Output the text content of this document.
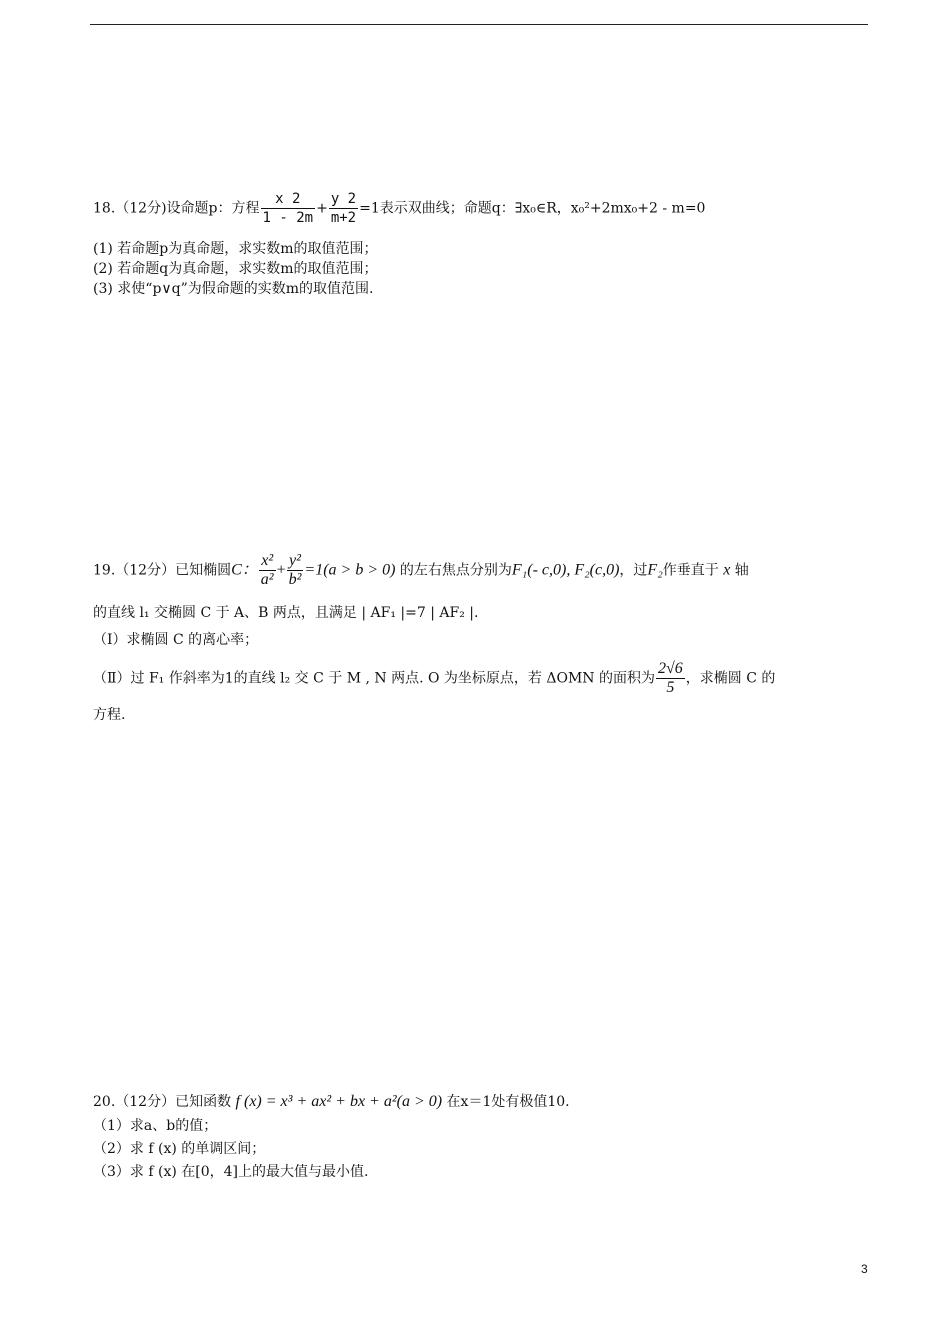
18.（12分)设命题p：方程 $\frac{x 2}{1 - 2m} + \frac{y 2}{m+2} =1$表示双曲线；命题q：∃x₀∈R，x₀²+2mx₀+2 - m=0
(1) 若命题p为真命题，求实数m的取值范围；
(2) 若命题q为真命题，求实数m的取值范围；
(3) 求使“p∨q”为假命题的实数m的取值范围.
19.（12分）已知椭圆C： $\frac{\text{x²}}{\text{a²}} + \frac{\text{y²}}{\text{b²}} =1(a > b > 0)$ 的左右焦点分别为F₁(- c,0), F₂(c,0)，过F₂作垂直于 x 轴
的直线 l₁ 交椭圆 C 于 A、B 两点，且满足 | AF₁ |=7 | AF₂ |.
（Ⅰ）求椭圆 C 的离心率；
（Ⅱ）过 F₁ 作斜率为1的直线 l₂ 交 C 于 M , N 两点. O 为坐标原点，若 ΔOMN 的面积为 $\frac{2√6}{5}$ ，求椭圆 C 的
方程.
20.（12分）已知函数 f (x) = x³ + ax² + bx + a²(a > 0) 在x＝1处有极值10.
（1）求a、b的值；
（2）求 f (x) 的单调区间；
（3）求 f (x) 在[0，4]上的最大值与最小值.
3
